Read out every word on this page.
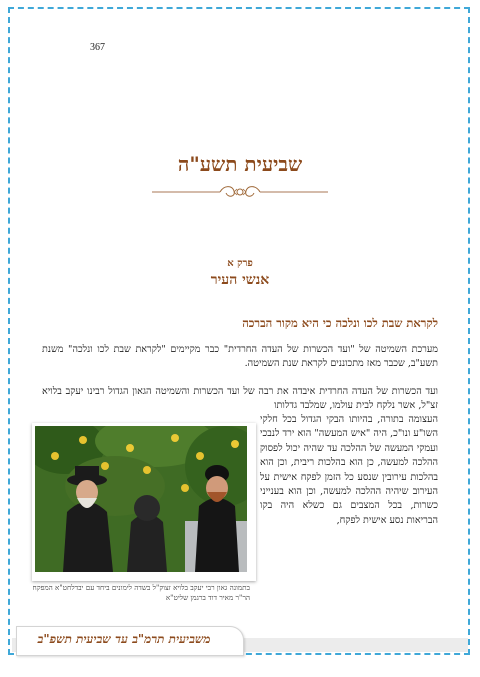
367
שביעית תשע"ה
פרק א
אנשי העיר
לקראת שבת לכו ונלכה כי היא מקור הברכה
מערכת השמיטה של "ועד הכשרות של העדה החרדית" כבר מקיימים "לקראת שבת לכו ונלכה" משנת תשע"ב, שכבר מאז מתכוננים לקראת שנת השמיטה.
ועד הכשרות של העדה החרדית איבדה את רבה של ועד הכשרות והשמיטה הגאון הגדול רבינו יעקב בלויא זצ"ל, אשר נלקח לבית עולמו, שמלבד גדלותו
העצומה בתורה, בהיותו הבקי הגדול בכל חלקי השו"ע ונו"כ, היה "איש המעשה" הוא ירד לנבכי ועמקי המעשה של ההלכה עד שהיה יכול לפסוק ההלכה למעשה, כן הוא בהלכות ריבית, וכן הוא בהלכות עירובין שנסע כל הזמן לפקח אישית על העירוב שיהיה ההלכה למעשה, וכן הוא בענייני כשרות, בכל המצבים גם כשלא היה בקו הבריאות נסע אישית לפקח,
בתמונה גאון רבי יעקב בלויא זצוק"ל בשדה לימונים ביחד עם יבדלחט"א המפקח הר"ר מאיר דוד ברגמן שליט"א
משביעית תרמ"ב עד שביעית תשפ"ב
